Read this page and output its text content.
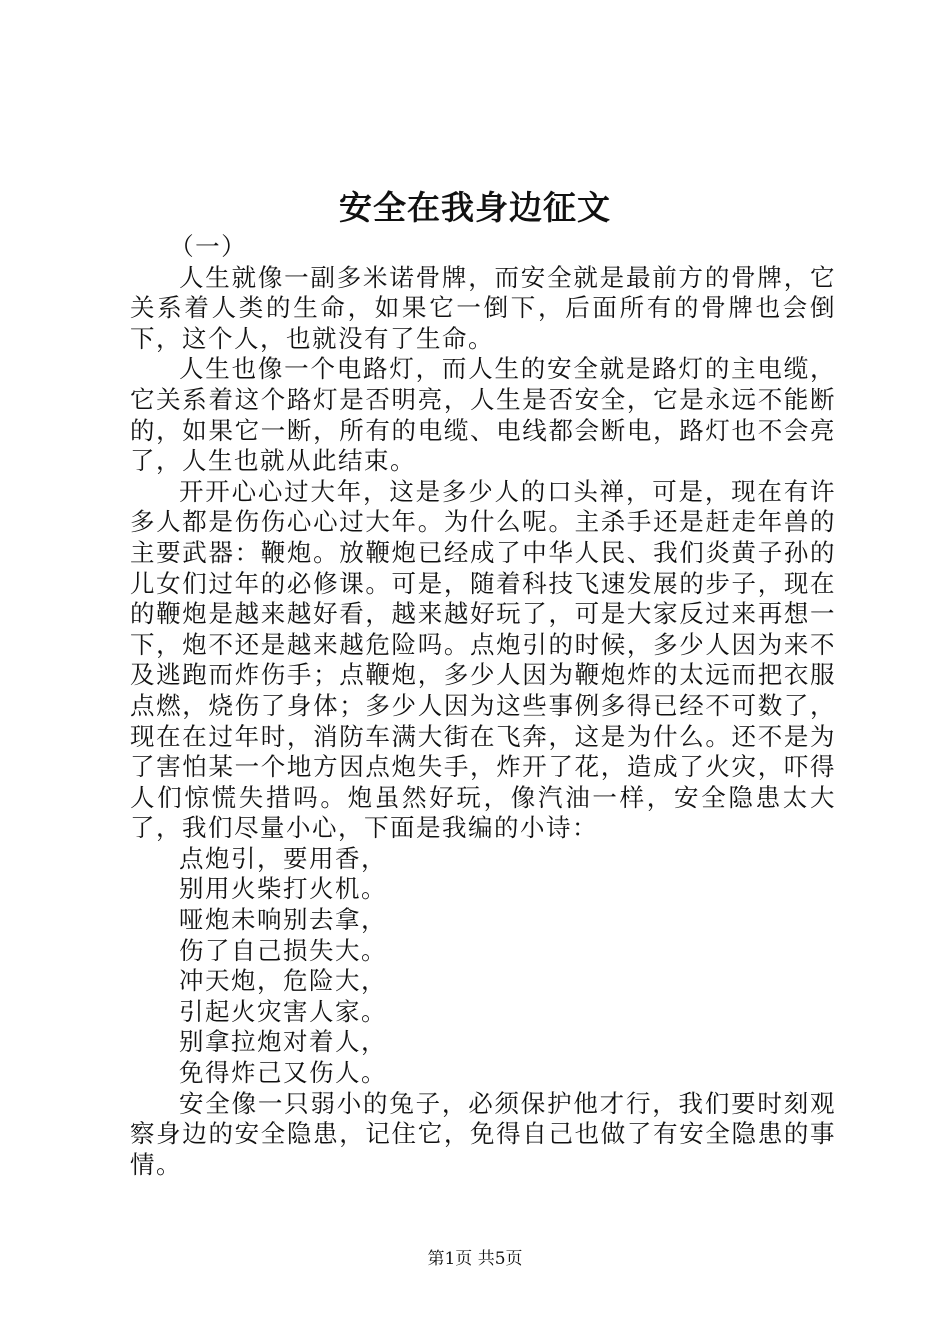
安全在我身边征文

（一）

人生就像一副多米诺骨牌，而安全就是最前方的骨牌，它关系着人类的生命，如果它一倒下，后面所有的骨牌也会倒下，这个人，也就没有了生命。

人生也像一个电路灯，而人生的安全就是路灯的主电缆，它关系着这个路灯是否明亮，人生是否安全，它是永远不能断的，如果它一断，所有的电缆、电线都会断电，路灯也不会亮了，人生也就从此结束。

开开心心过大年，这是多少人的口头禅，可是，现在有许多人都是伤伤心心过大年。为什么呢。主杀手还是赶走年兽的主要武器：鞭炮。放鞭炮已经成了中华人民、我们炎黄子孙的儿女们过年的必修课。可是，随着科技飞速发展的步子，现在的鞭炮是越来越好看，越来越好玩了，可是大家反过来再想一下，炮不还是越来越危险吗。点炮引的时候，多少人因为来不及逃跑而炸伤手；点鞭炮，多少人因为鞭炮炸的太远而把衣服点燃，烧伤了身体；多少人因为这些事例多得已经不可数了，现在在过年时，消防车满大街在飞奔，这是为什么。还不是为了害怕某一个地方因点炮失手，炸开了花，造成了火灾，吓得人们惊慌失措吗。炮虽然好玩，像汽油一样，安全隐患太大了，我们尽量小心，下面是我编的小诗：

点炮引，要用香，

别用火柴打火机。

哑炮未响别去拿，

伤了自己损失大。

冲天炮，危险大，

引起火灾害人家。

别拿拉炮对着人，

免得炸己又伤人。

安全像一只弱小的兔子，必须保护他才行，我们要时刻观察身边的安全隐患，记住它，免得自己也做了有安全隐患的事情。

第1页 共5页
